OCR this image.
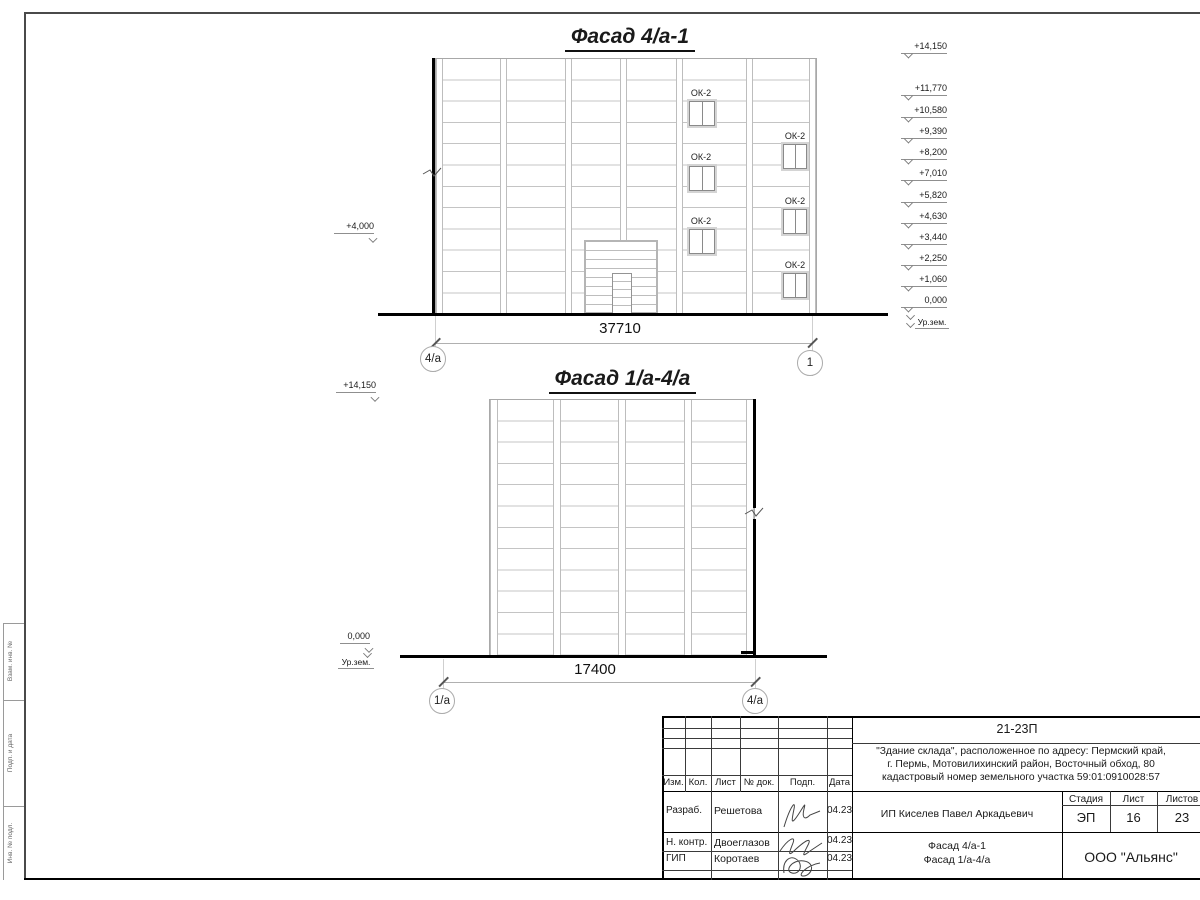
Взам. инв. №
Подп. и дата
Инв. № подл.
Фасад 4/а-1
ОК-2
ОК-2
ОК-2
ОК-2
ОК-2
ОК-2
+4,000
+14,150
+11,770
+10,580
+9,390
+8,200
+7,010
+5,820
+4,630
+3,440
+2,250
+1,060
0,000
Ур.зем.
37710
4/а	1
Фасад 1/а-4/а
+14,150
0,000
Ур.зем.	17400
1/а	4/а
21-23П
"Здание склада", расположенное по адресу: Пермский край,
г. Пермь, Мотовилихинский район, Восточный обход, 80
кадастровый номер земельного участка 59:01:0910028:57
Изм. Кол. Лист № док.	Подп.	Дата
Разраб. Решетова	04.23
Н. контр. Двоеглазов	04.23
ГИП	Коротаев	04.23
ИП Киселев Павел Аркадьевич
Стадия	Лист	Листов
ЭП	16	23
Фасад 4/а-1
Фасад 1/а-4/а	ООО "Альянс"
